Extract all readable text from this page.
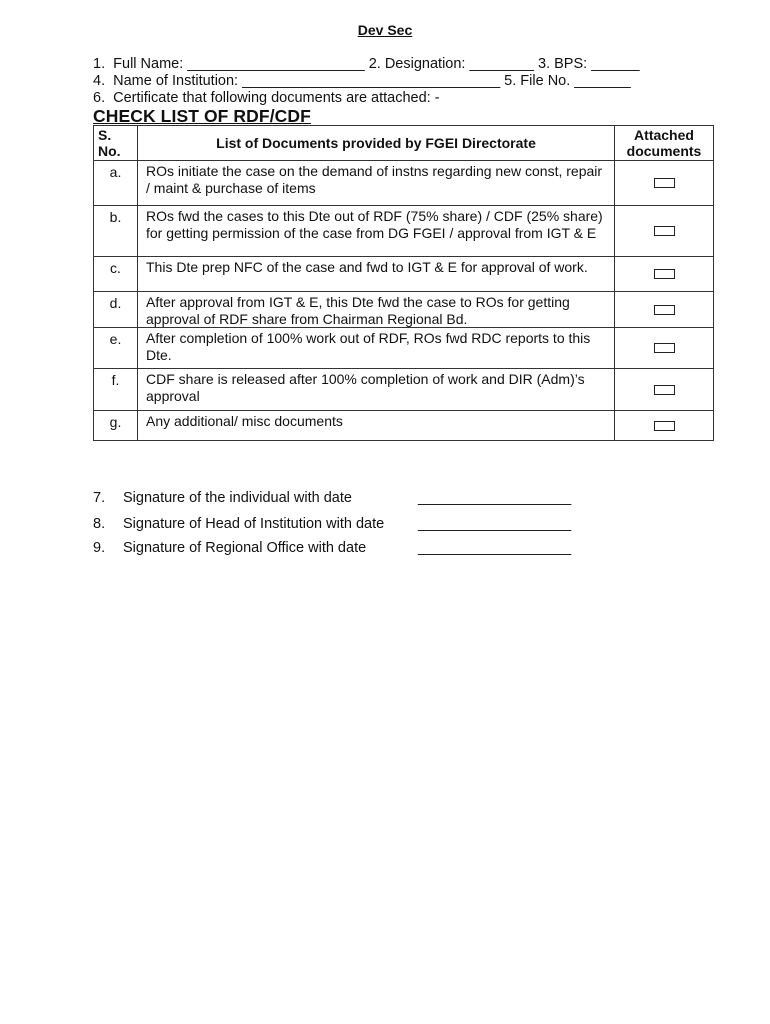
Dev Sec
1.  Full Name: ______________________ 2. Designation: ________ 3. BPS: ______
4.  Name of Institution: ________________________________ 5. File No. _______
6.  Certificate that following documents are attached: -
CHECK LIST OF RDF/CDF
S. No.	List of Documents provided by FGEI Directorate	Attached
documents

a.	ROs initiate the case on the demand of instns regarding new const, repair / maint & purchase of items	
b.	ROs fwd the cases to this Dte out of RDF (75% share) / CDF (25% share) for getting permission of the case from DG FGEI / approval from IGT & E	
c.	This Dte prep NFC of the case and fwd to IGT & E for approval of work.	
d.	After approval from IGT & E, this Dte fwd the case to ROs for getting approval of RDF share from Chairman Regional Bd.	
e.	After completion of 100% work out of RDF, ROs fwd RDC reports to this Dte.	
f.	CDF share is released after 100% completion of work and DIR (Adm)’s approval	
g.	Any additional/ misc documents	
7. Signature of the individual with date	___________________
8. Signature of Head of Institution with date ___________________
9. Signature of Regional Office with date	___________________
